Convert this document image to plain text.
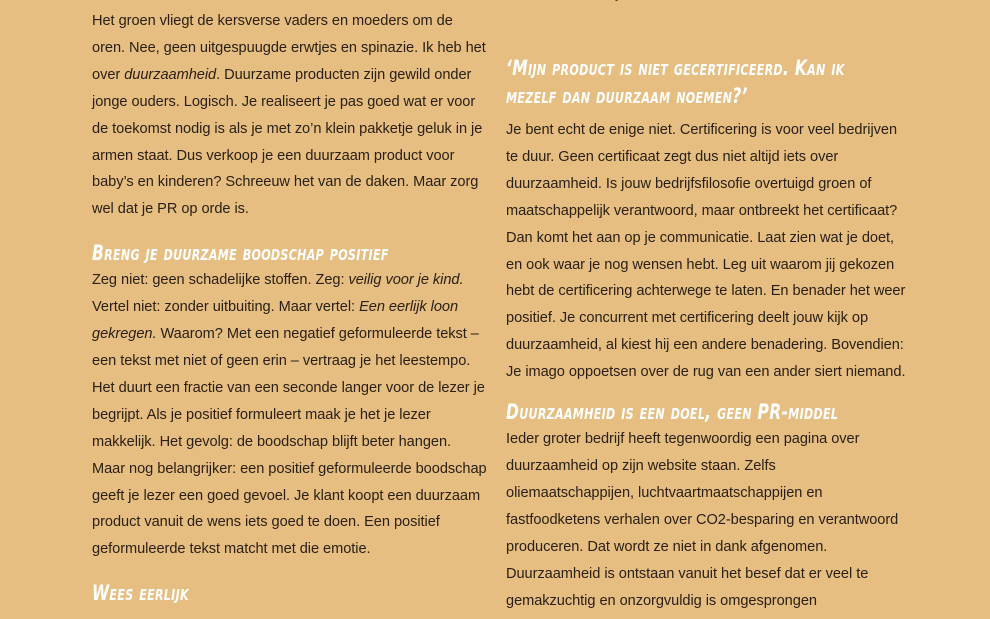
Het groen vliegt de kersverse vaders en moeders om de oren. Nee, geen uitgespuugde erwtjes en spinazie. Ik heb het over duurzaamheid. Duurzame producten zijn gewild onder jonge ouders. Logisch. Je realiseert je pas goed wat er voor de toekomst nodig is als je met zo’n klein pakketje geluk in je armen staat. Dus verkoop je een duurzaam product voor baby’s en kinderen? Schreeuw het van de daken. Maar zorg wel dat je PR op orde is.

Breng je duurzame boodschap positief

Zeg niet: geen schadelijke stoffen. Zeg: veilig voor je kind. Vertel niet: zonder uitbuiting. Maar vertel: Een eerlijk loon gekregen. Waarom? Met een negatief geformuleerde tekst – een tekst met niet of geen erin – vertraag je het leestempo. Het duurt een fractie van een seconde langer voor de lezer je begrijpt. Als je positief formuleert maak je het je lezer makkelijk. Het gevolg: de boodschap blijft beter hangen. Maar nog belangrijker: een positief geformuleerde boodschap geeft je lezer een goed gevoel. Je klant koopt een duurzaam product vanuit de wens iets goed te doen. Een positief geformuleerde tekst matcht met die emotie.

Wees eerlijk
‘Mijn product is niet gecertificeerd. Kan ik mezelf dan duurzaam noemen?’

Je bent echt de enige niet. Certificering is voor veel bedrijven te duur. Geen certificaat zegt dus niet altijd iets over duurzaamheid. Is jouw bedrijfsfilosofie overtuigd groen of maatschappelijk verantwoord, maar ontbreekt het certificaat? Dan komt het aan op je communicatie. Laat zien wat je doet, en ook waar je nog wensen hebt. Leg uit waarom jij gekozen hebt de certificering achterwege te laten. En benader het weer positief. Je concurrent met certificering deelt jouw kijk op duurzaamheid, al kiest hij een andere benadering. Bovendien: Je imago oppoetsen over de rug van een ander siert niemand.

Duurzaamheid is een doel, geen PR-middel

Ieder groter bedrijf heeft tegenwoordig een pagina over duurzaamheid op zijn website staan. Zelfs oliemaatschappijen, luchtvaartmaatschappijen en fastfoodketens verhalen over CO2-besparing en verantwoord produceren. Dat wordt ze niet in dank afgenomen. Duurzaamheid is ontstaan vanuit het besef dat er veel te gemakzuchtig en onzorgvuldig is omgesprongen
